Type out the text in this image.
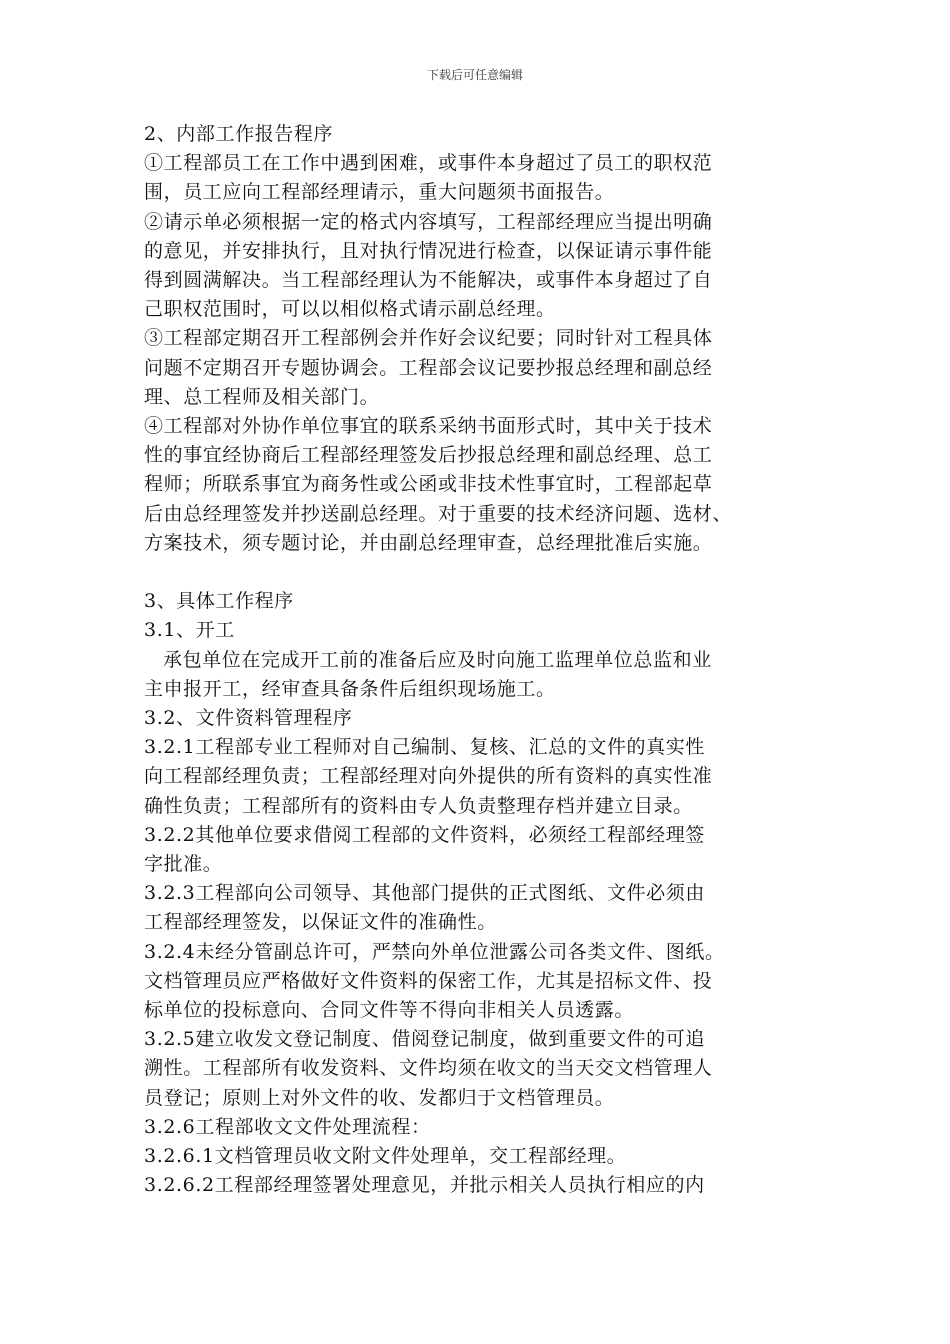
下载后可任意编辑
2、内部工作报告程序
①工程部员工在工作中遇到困难，或事件本身超过了员工的职权范
围，员工应向工程部经理请示，重大问题须书面报告。
②请示单必须根据一定的格式内容填写，工程部经理应当提出明确
的意见，并安排执行，且对执行情况进行检查，以保证请示事件能
得到圆满解决。当工程部经理认为不能解决，或事件本身超过了自
己职权范围时，可以以相似格式请示副总经理。
③工程部定期召开工程部例会并作好会议纪要；同时针对工程具体
问题不定期召开专题协调会。工程部会议记要抄报总经理和副总经
理、总工程师及相关部门。
④工程部对外协作单位事宜的联系采纳书面形式时，其中关于技术
性的事宜经协商后工程部经理签发后抄报总经理和副总经理、总工
程师；所联系事宜为商务性或公函或非技术性事宜时，工程部起草
后由总经理签发并抄送副总经理。对于重要的技术经济问题、选材、
方案技术，须专题讨论，并由副总经理审查，总经理批准后实施。
3、具体工作程序
3.1、开工
承包单位在完成开工前的准备后应及时向施工监理单位总监和业
主申报开工，经审查具备条件后组织现场施工。
3.2、文件资料管理程序
3.2.1工程部专业工程师对自己编制、复核、汇总的文件的真实性
向工程部经理负责；工程部经理对向外提供的所有资料的真实性准
确性负责；工程部所有的资料由专人负责整理存档并建立目录。
3.2.2其他单位要求借阅工程部的文件资料，必须经工程部经理签
字批准。
3.2.3工程部向公司领导、其他部门提供的正式图纸、文件必须由
工程部经理签发，以保证文件的准确性。
3.2.4未经分管副总许可，严禁向外单位泄露公司各类文件、图纸。
文档管理员应严格做好文件资料的保密工作，尤其是招标文件、投
标单位的投标意向、合同文件等不得向非相关人员透露。
3.2.5建立收发文登记制度、借阅登记制度，做到重要文件的可追
溯性。工程部所有收发资料、文件均须在收文的当天交文档管理人
员登记；原则上对外文件的收、发都归于文档管理员。
3.2.6工程部收文文件处理流程：
3.2.6.1文档管理员收文附文件处理单，交工程部经理。
3.2.6.2工程部经理签署处理意见，并批示相关人员执行相应的内
